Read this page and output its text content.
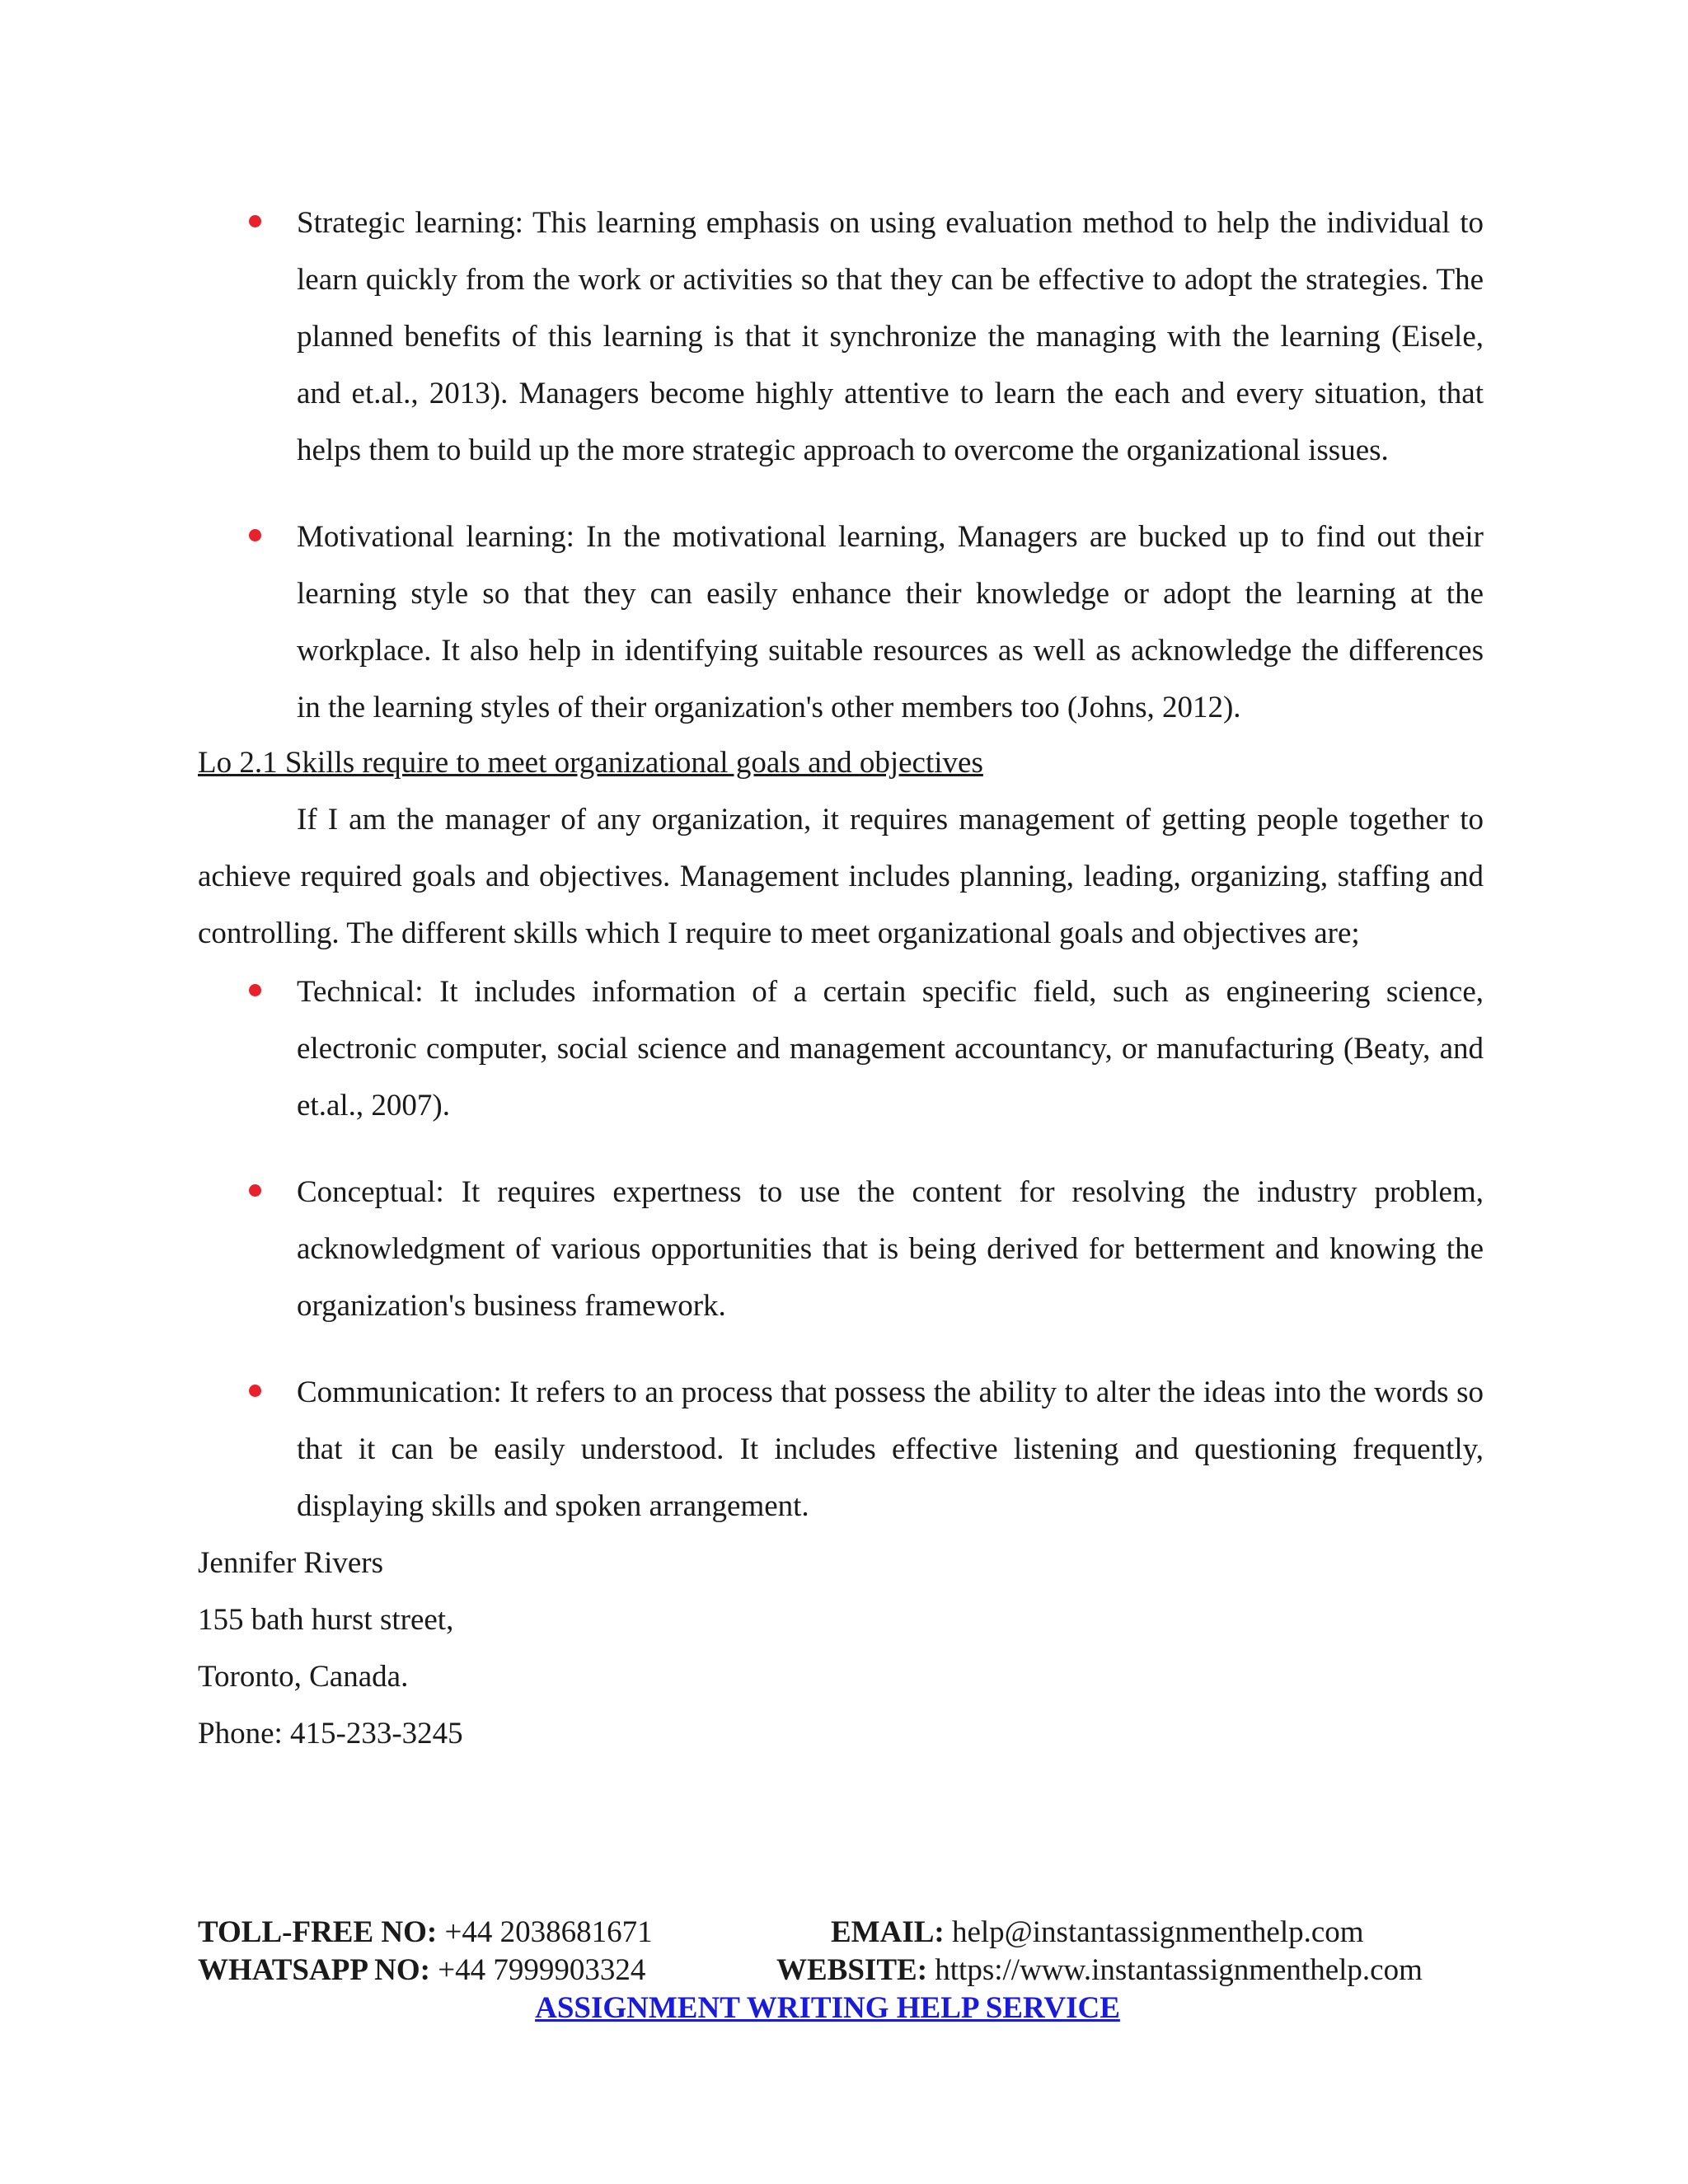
Strategic learning: This learning emphasis on using evaluation method to help the individual to learn quickly from the work or activities so that they can be effective to adopt the strategies. The planned benefits of this learning is that it synchronize the managing with the learning (Eisele, and et.al., 2013). Managers become highly attentive to learn the each and every situation, that helps them to build up the more strategic approach to overcome the organizational issues.

Motivational learning: In the motivational learning, Managers are bucked up to find out their learning style so that they can easily enhance their knowledge or adopt the learning at the workplace. It also help in identifying suitable resources as well as acknowledge the differences in the learning styles of their organization's other members too (Johns, 2012).

Lo 2.1 Skills require to meet organizational goals and objectives

If I am the manager of any organization, it requires management of getting people together to achieve required goals and objectives. Management includes planning, leading, organizing, staffing and controlling. The different skills which I require to meet organizational goals and objectives are;

Technical: It includes information of a certain specific field, such as engineering science, electronic computer, social science and management accountancy, or manufacturing (Beaty, and et.al., 2007).

Conceptual: It requires expertness to use the content for resolving the industry problem, acknowledgment of various opportunities that is being derived for betterment and knowing the organization's business framework.

Communication: It refers to an process that possess the ability to alter the ideas into the words so that it can be easily understood. It includes effective listening and questioning frequently, displaying skills and spoken arrangement.

Jennifer Rivers

155 bath hurst street,

Toronto, Canada.

Phone: 415-233-3245

TOLL-FREE NO: +44 2038681671	EMAIL: help@instantassignmenthelp.com
WHATSAPP NO: +44 7999903324	WEBSITE: https://www.instantassignmenthelp.com
ASSIGNMENT WRITING HELP SERVICE
